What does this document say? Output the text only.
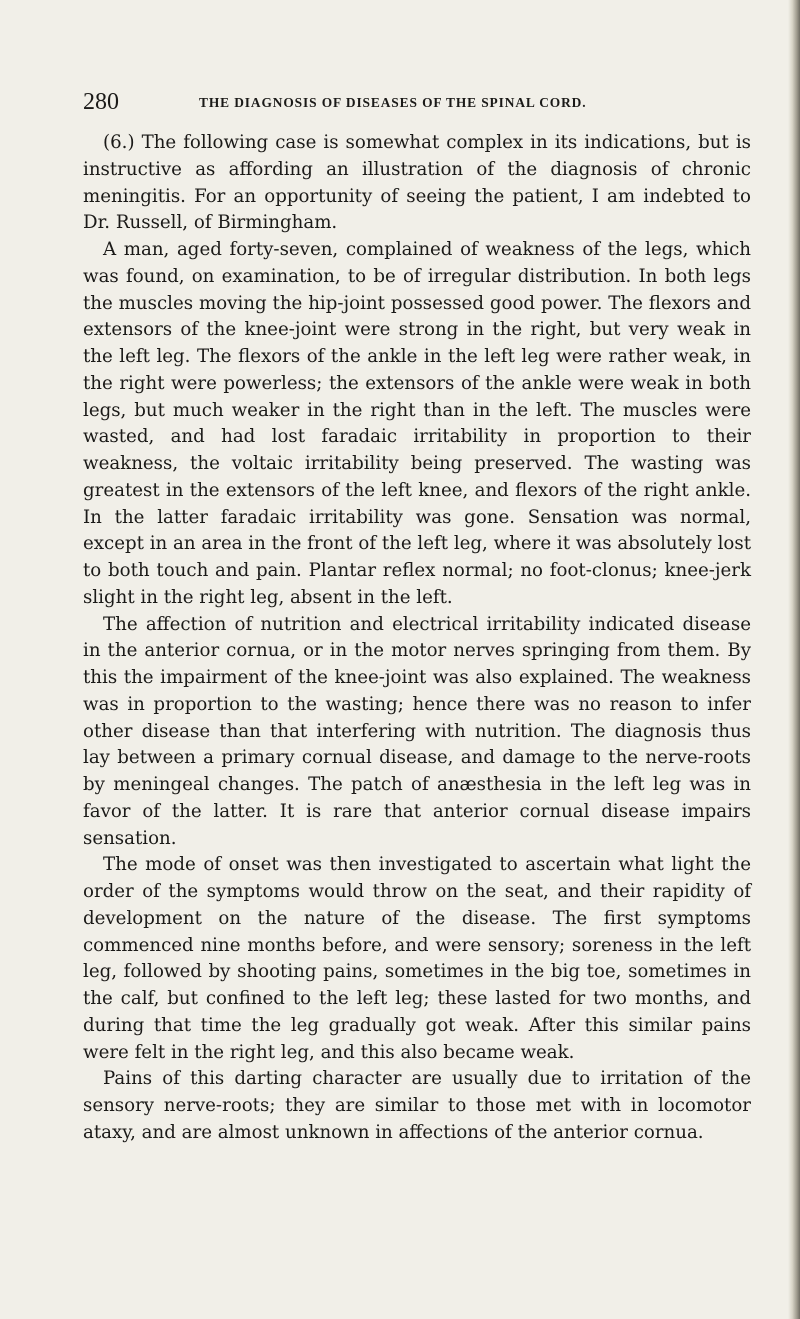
280	THE DIAGNOSIS OF DISEASES OF THE SPINAL CORD.

(6.) The following case is somewhat complex in its indications, but is instructive as affording an illustration of the diagnosis of chronic meningitis. For an opportunity of seeing the patient, I am indebted to Dr. Russell, of Birmingham.

A man, aged forty-seven, complained of weakness of the legs, which was found, on examination, to be of irregular distribution. In both legs the muscles moving the hip-joint possessed good power. The flexors and extensors of the knee-joint were strong in the right, but very weak in the left leg. The flexors of the ankle in the left leg were rather weak, in the right were powerless; the extensors of the ankle were weak in both legs, but much weaker in the right than in the left. The muscles were wasted, and had lost faradaic irritability in proportion to their weakness, the voltaic irritability being preserved. The wasting was greatest in the extensors of the left knee, and flexors of the right ankle. In the latter faradaic irritability was gone. Sensation was normal, except in an area in the front of the left leg, where it was absolutely lost to both touch and pain. Plantar reflex normal; no foot-clonus; knee-jerk slight in the right leg, absent in the left.

The affection of nutrition and electrical irritability indicated disease in the anterior cornua, or in the motor nerves springing from them. By this the impairment of the knee-joint was also explained. The weakness was in proportion to the wasting; hence there was no reason to infer other disease than that interfering with nutrition. The diagnosis thus lay between a primary cornual disease, and damage to the nerve-roots by meningeal changes. The patch of anæsthesia in the left leg was in favor of the latter. It is rare that anterior cornual disease impairs sensation.

The mode of onset was then investigated to ascertain what light the order of the symptoms would throw on the seat, and their rapidity of development on the nature of the disease. The first symptoms commenced nine months before, and were sensory; soreness in the left leg, followed by shooting pains, sometimes in the big toe, sometimes in the calf, but confined to the left leg; these lasted for two months, and during that time the leg gradually got weak. After this similar pains were felt in the right leg, and this also became weak.

Pains of this darting character are usually due to irritation of the sensory nerve-roots; they are similar to those met with in locomotor ataxy, and are almost unknown in affections of the anterior cornua.
